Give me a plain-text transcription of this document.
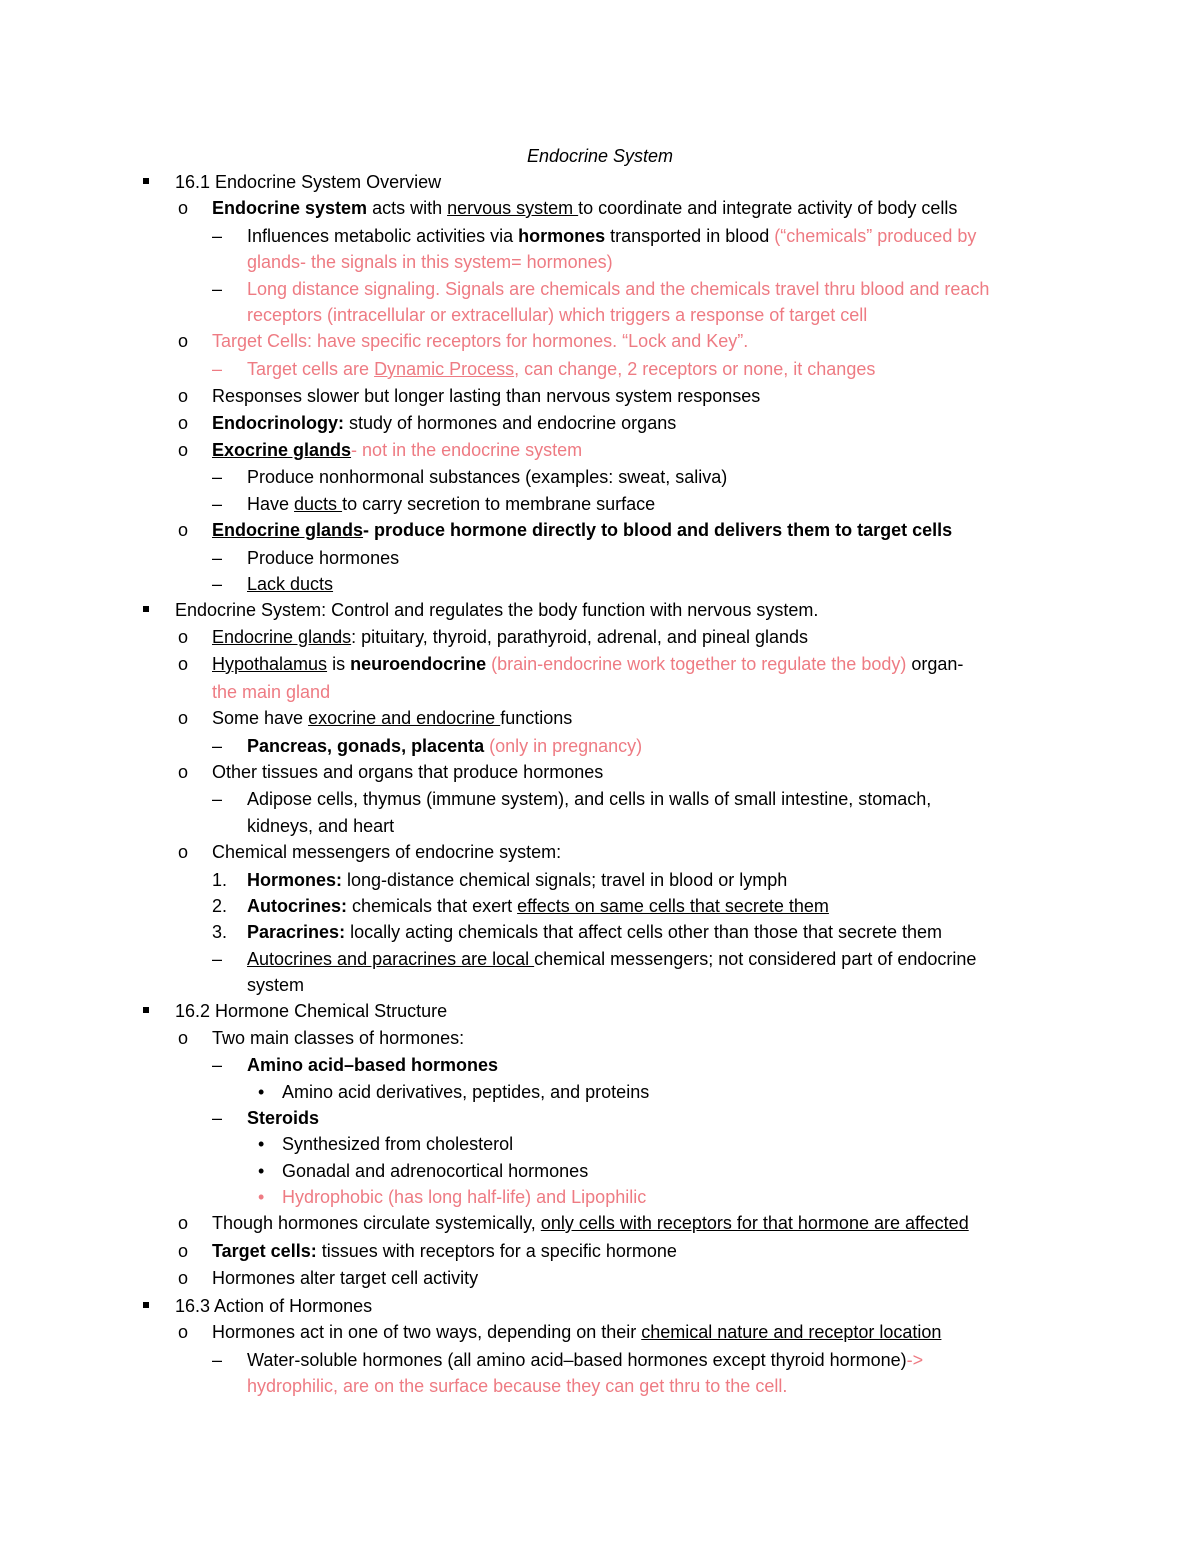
Endocrine System
16.1 Endocrine System Overview
o Endocrine system acts with nervous system to coordinate and integrate activity of body cells
– Influences metabolic activities via hormones transported in blood (“chemicals” produced by
glands- the signals in this system= hormones)
– Long distance signaling. Signals are chemicals and the chemicals travel thru blood and reach
receptors (intracellular or extracellular) which triggers a response of target cell
o Target Cells: have specific receptors for hormones. “Lock and Key”.
– Target cells are Dynamic Process, can change, 2 receptors or none, it changes
o Responses slower but longer lasting than nervous system responses
o Endocrinology: study of hormones and endocrine organs
o Exocrine glands- not in the endocrine system
– Produce nonhormonal substances (examples: sweat, saliva)
– Have ducts to carry secretion to membrane surface
o Endocrine glands- produce hormone directly to blood and delivers them to target cells
– Produce hormones
– Lack ducts
Endocrine System: Control and regulates the body function with nervous system.
o Endocrine glands: pituitary, thyroid, parathyroid, adrenal, and pineal glands
o Hypothalamus is neuroendocrine (brain-endocrine work together to regulate the body) organ-
the main gland
o Some have exocrine and endocrine functions
– Pancreas, gonads, placenta (only in pregnancy)
o Other tissues and organs that produce hormones
– Adipose cells, thymus (immune system), and cells in walls of small intestine, stomach,
kidneys, and heart
o Chemical messengers of endocrine system:
1. Hormones: long-distance chemical signals; travel in blood or lymph
2. Autocrines: chemicals that exert effects on same cells that secrete them
3. Paracrines: locally acting chemicals that affect cells other than those that secrete them
– Autocrines and paracrines are local chemical messengers; not considered part of endocrine
system
16.2 Hormone Chemical Structure
o Two main classes of hormones:
– Amino acid–based hormones
• Amino acid derivatives, peptides, and proteins
– Steroids
• Synthesized from cholesterol
• Gonadal and adrenocortical hormones
• Hydrophobic (has long half-life) and Lipophilic
o Though hormones circulate systemically, only cells with receptors for that hormone are affected
o Target cells: tissues with receptors for a specific hormone
o Hormones alter target cell activity
16.3 Action of Hormones
o Hormones act in one of two ways, depending on their chemical nature and receptor location
– Water-soluble hormones (all amino acid–based hormones except thyroid hormone)->
hydrophilic, are on the surface because they can get thru to the cell.
